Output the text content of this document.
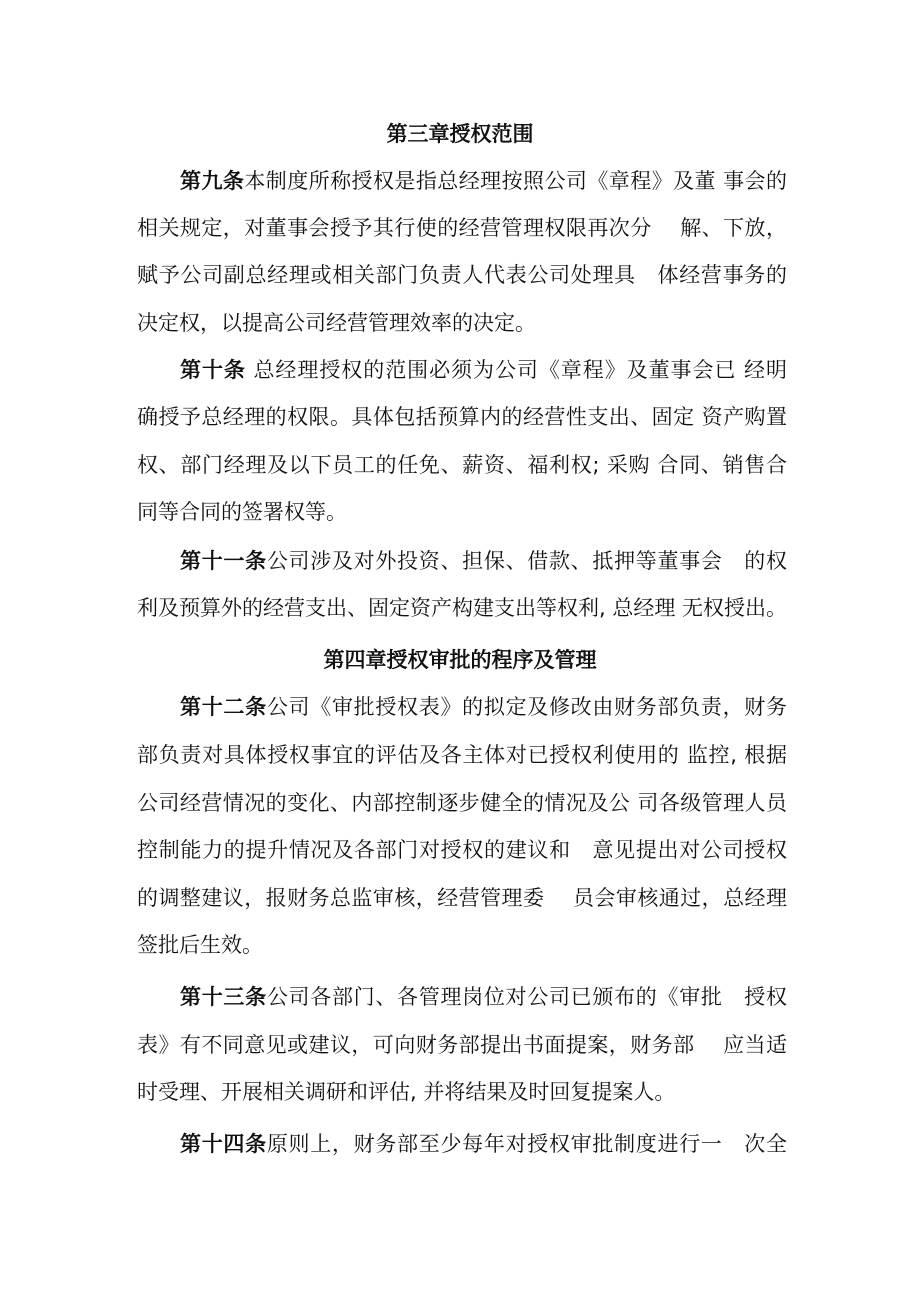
第三章授权范围
第九条本制度所称授权是指总经理按照公司《章程》及董 事会的
相关规定，对董事会授予其行使的经营管理权限再次分　 解、下放，
赋予公司副总经理或相关部门负责人代表公司处理具　体经营事务的
决定权，以提高公司经营管理效率的决定。
第十条 总经理授权的范围必须为公司《章程》及董事会已 经明
确授予总经理的权限。具体包括预算内的经营性支出、固定 资产购置
权、部门经理及以下员工的任免、薪资、福利权; 采购 合同、销售合
同等合同的签署权等。
第十一条公司涉及对外投资、担保、借款、抵押等董事会　的权
利及预算外的经营支出、固定资产构建支出等权利, 总经理 无权授出。
第四章授权审批的程序及管理
第十二条公司《审批授权表》的拟定及修改由财务部负责，财务
部负责对具体授权事宜的评估及各主体对已授权利使用的 监控, 根据
公司经营情况的变化、内部控制逐步健全的情况及公 司各级管理人员
控制能力的提升情况及各部门对授权的建议和　意见提出对公司授权
的调整建议，报财务总监审核，经营管理委　 员会审核通过，总经理
签批后生效。
第十三条公司各部门、各管理岗位对公司已颁布的《审批　授权
表》有不同意见或建议，可向财务部提出书面提案，财务部　 应当适
时受理、开展相关调研和评估, 并将结果及时回复提案人。
第十四条原则上，财务部至少每年对授权审批制度进行一　次全
